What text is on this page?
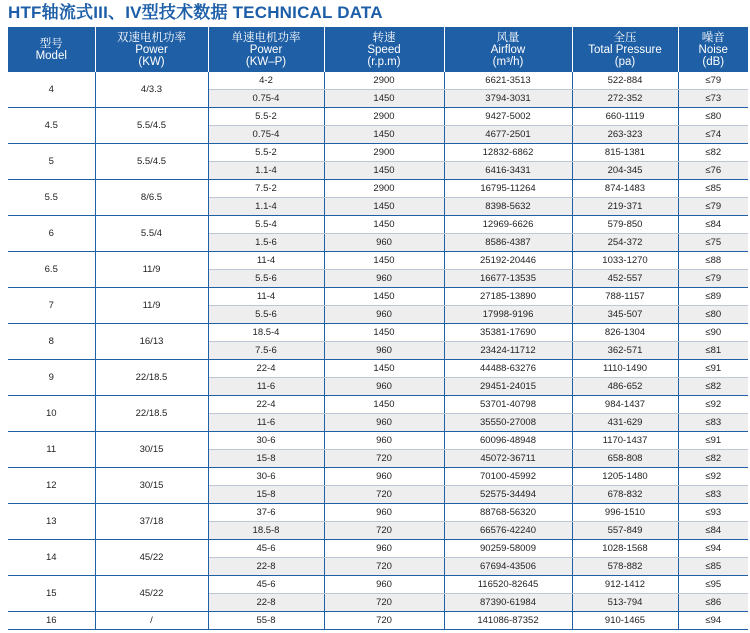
HTF轴流式III、IV型技术数据 TECHNICAL DATA
型号
Model	双速电机功率
Power
(KW)	单速电机功率
Power
(KW–P)	转速
Speed
(r.p.m)	风量
Airflow
(m³/h)	全压
Total Pressure
(pa)	噪音
Noise
(dB)

4	4/3.3	4-2	2900	6621-3513	522-884	≤79
		0.75-4	1450	3794-3031	272-352	≤73
4.5	5.5/4.5	5.5-2	2900	9427-5002	660-1119	≤80
		0.75-4	1450	4677-2501	263-323	≤74
5	5.5/4.5	5.5-2	2900	12832-6862	815-1381	≤82
		1.1-4	1450	6416-3431	204-345	≤76
5.5	8/6.5	7.5-2	2900	16795-11264	874-1483	≤85
		1.1-4	1450	8398-5632	219-371	≤79
6	5.5/4	5.5-4	1450	12969-6626	579-850	≤84
		1.5-6	960	8586-4387	254-372	≤75
6.5	11/9	11-4	1450	25192-20446	1033-1270	≤88
		5.5-6	960	16677-13535	452-557	≤79
7	11/9	11-4	1450	27185-13890	788-1157	≤89
		5.5-6	960	17998-9196	345-507	≤80
8	16/13	18.5-4	1450	35381-17690	826-1304	≤90
		7.5-6	960	23424-11712	362-571	≤81
9	22/18.5	22-4	1450	44488-63276	1110-1490	≤91
		11-6	960	29451-24015	486-652	≤82
10	22/18.5	22-4	1450	53701-40798	984-1437	≤92
		11-6	960	35550-27008	431-629	≤83
11	30/15	30-6	960	60096-48948	1170-1437	≤91
		15-8	720	45072-36711	658-808	≤82
12	30/15	30-6	960	70100-45992	1205-1480	≤92
		15-8	720	52575-34494	678-832	≤83
13	37/18	37-6	960	88768-56320	996-1510	≤93
		18.5-8	720	66576-42240	557-849	≤84
14	45/22	45-6	960	90259-58009	1028-1568	≤94
		22-8	720	67694-43506	578-882	≤85
15	45/22	45-6	960	116520-82645	912-1412	≤95
		22-8	720	87390-61984	513-794	≤86
16	/	55-8	720	141086-87352	910-1465	≤94
